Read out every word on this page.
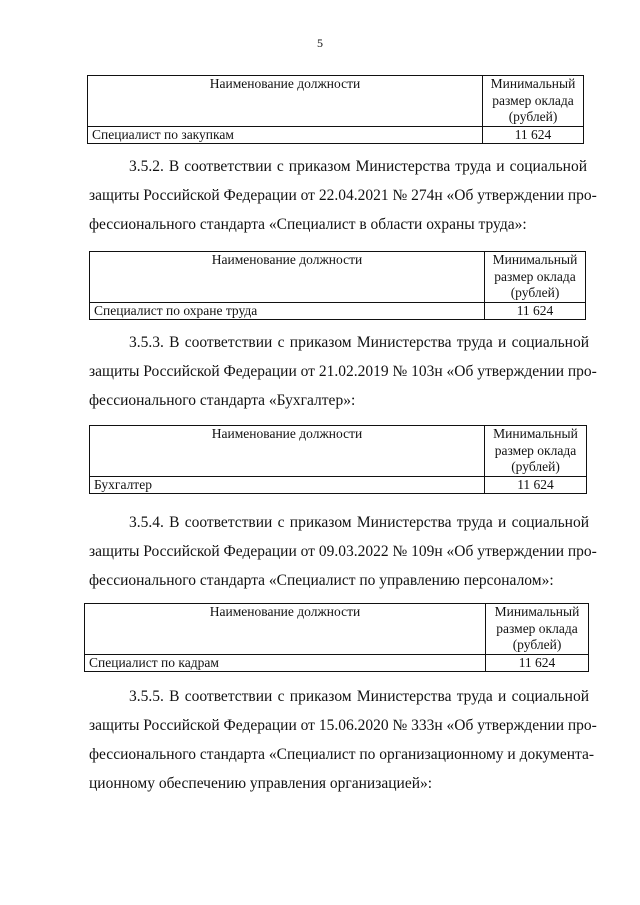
5
Наименование должности	Минимальный
размер оклада
(рублей)
Специалист по закупкам	11 624

3.5.2. В соответствии с приказом Министерства труда и социальной
защиты Российской Федерации от 22.04.2021 № 274н «Об утверждении про-
фессионального стандарта «Специалист в области охраны труда»:

Наименование должности	Минимальный
размер оклада
(рублей)
Специалист по охране труда	11 624

3.5.3. В соответствии с приказом Министерства труда и социальной
защиты Российской Федерации от 21.02.2019 № 103н «Об утверждении про-
фессионального стандарта «Бухгалтер»:

Наименование должности	Минимальный
размер оклада
(рублей)
Бухгалтер	11 624

3.5.4. В соответствии с приказом Министерства труда и социальной
защиты Российской Федерации от 09.03.2022 № 109н «Об утверждении про-
фессионального стандарта «Специалист по управлению персоналом»:

Наименование должности	Минимальный
размер оклада
(рублей)
Специалист по кадрам	11 624

3.5.5. В соответствии с приказом Министерства труда и социальной
защиты Российской Федерации от 15.06.2020 № 333н «Об утверждении про-
фессионального стандарта «Специалист по организационному и документа-
ционному обеспечению управления организацией»:
